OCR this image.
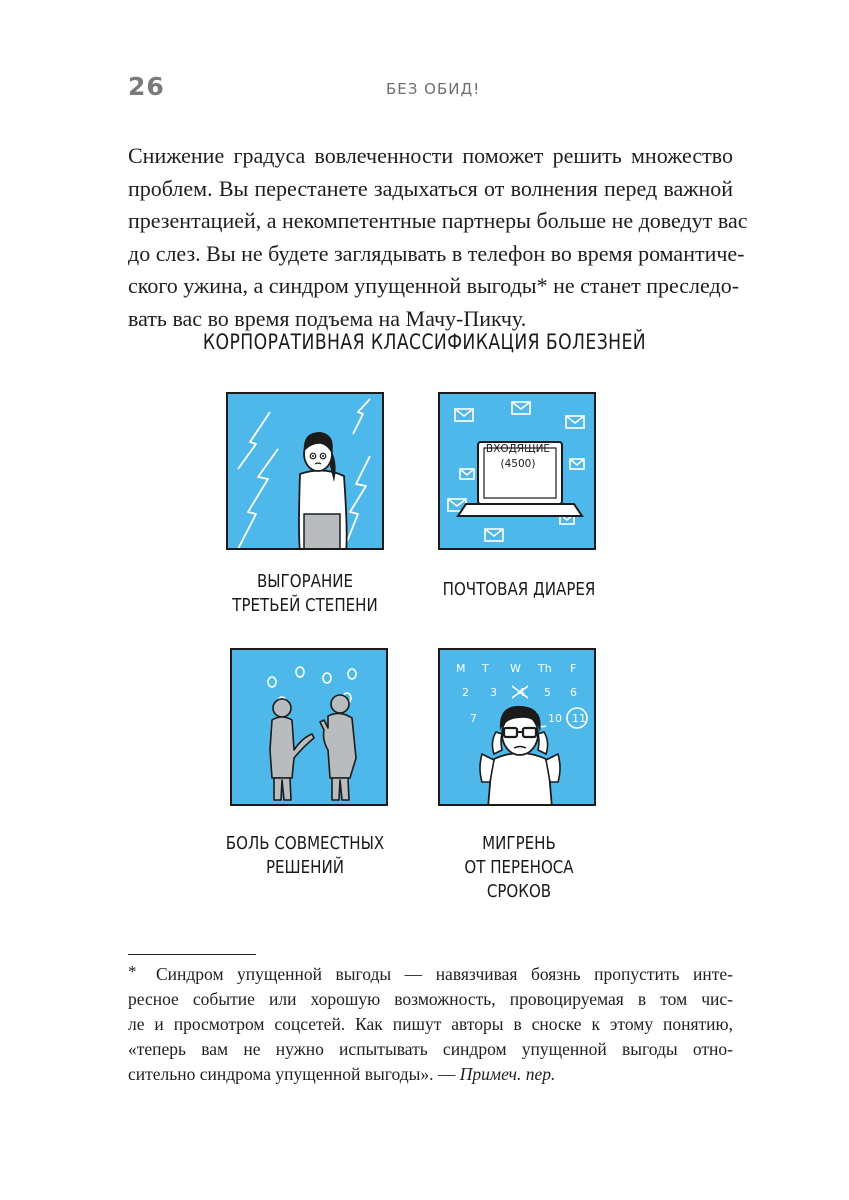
26	БЕЗ ОБИД!
Снижение градуса вовлеченности поможет решить множество
проблем. Вы перестанете задыхаться от волнения перед важной
презентацией, а некомпетентные партнеры больше не доведут вас
до слез. Вы не будете заглядывать в телефон во время романтиче-
ского ужина, а синдром упущенной выгоды* не станет преследо-
вать вас во время подъема на Мачу-Пикчу.
КОРПОРАТИВНАЯ КЛАССИФИКАЦИЯ БОЛЕЗНЕЙ
ВЫГОРАНИЕ
ТРЕТЬЕЙ СТЕПЕНИ
ВХОДЯЩИЕ
(4500)
ПОЧТОВАЯ ДИАРЕЯ
БОЛЬ СОВМЕСТНЫХ
РЕШЕНИЙ
M T W Th F
2 3 4 5 6
7	10 11
МИГРЕНЬ
ОТ ПЕРЕНОСА СРОКОВ
* Синдром упущенной выгоды — навязчивая боязнь пропустить инте-
ресное событие или хорошую возможность, провоцируемая в том чис-
ле и просмотром соцсетей. Как пишут авторы в сноске к этому понятию,
«теперь вам не нужно испытывать синдром упущенной выгоды отно-
сительно синдрома упущенной выгоды». — Примеч. пер.
